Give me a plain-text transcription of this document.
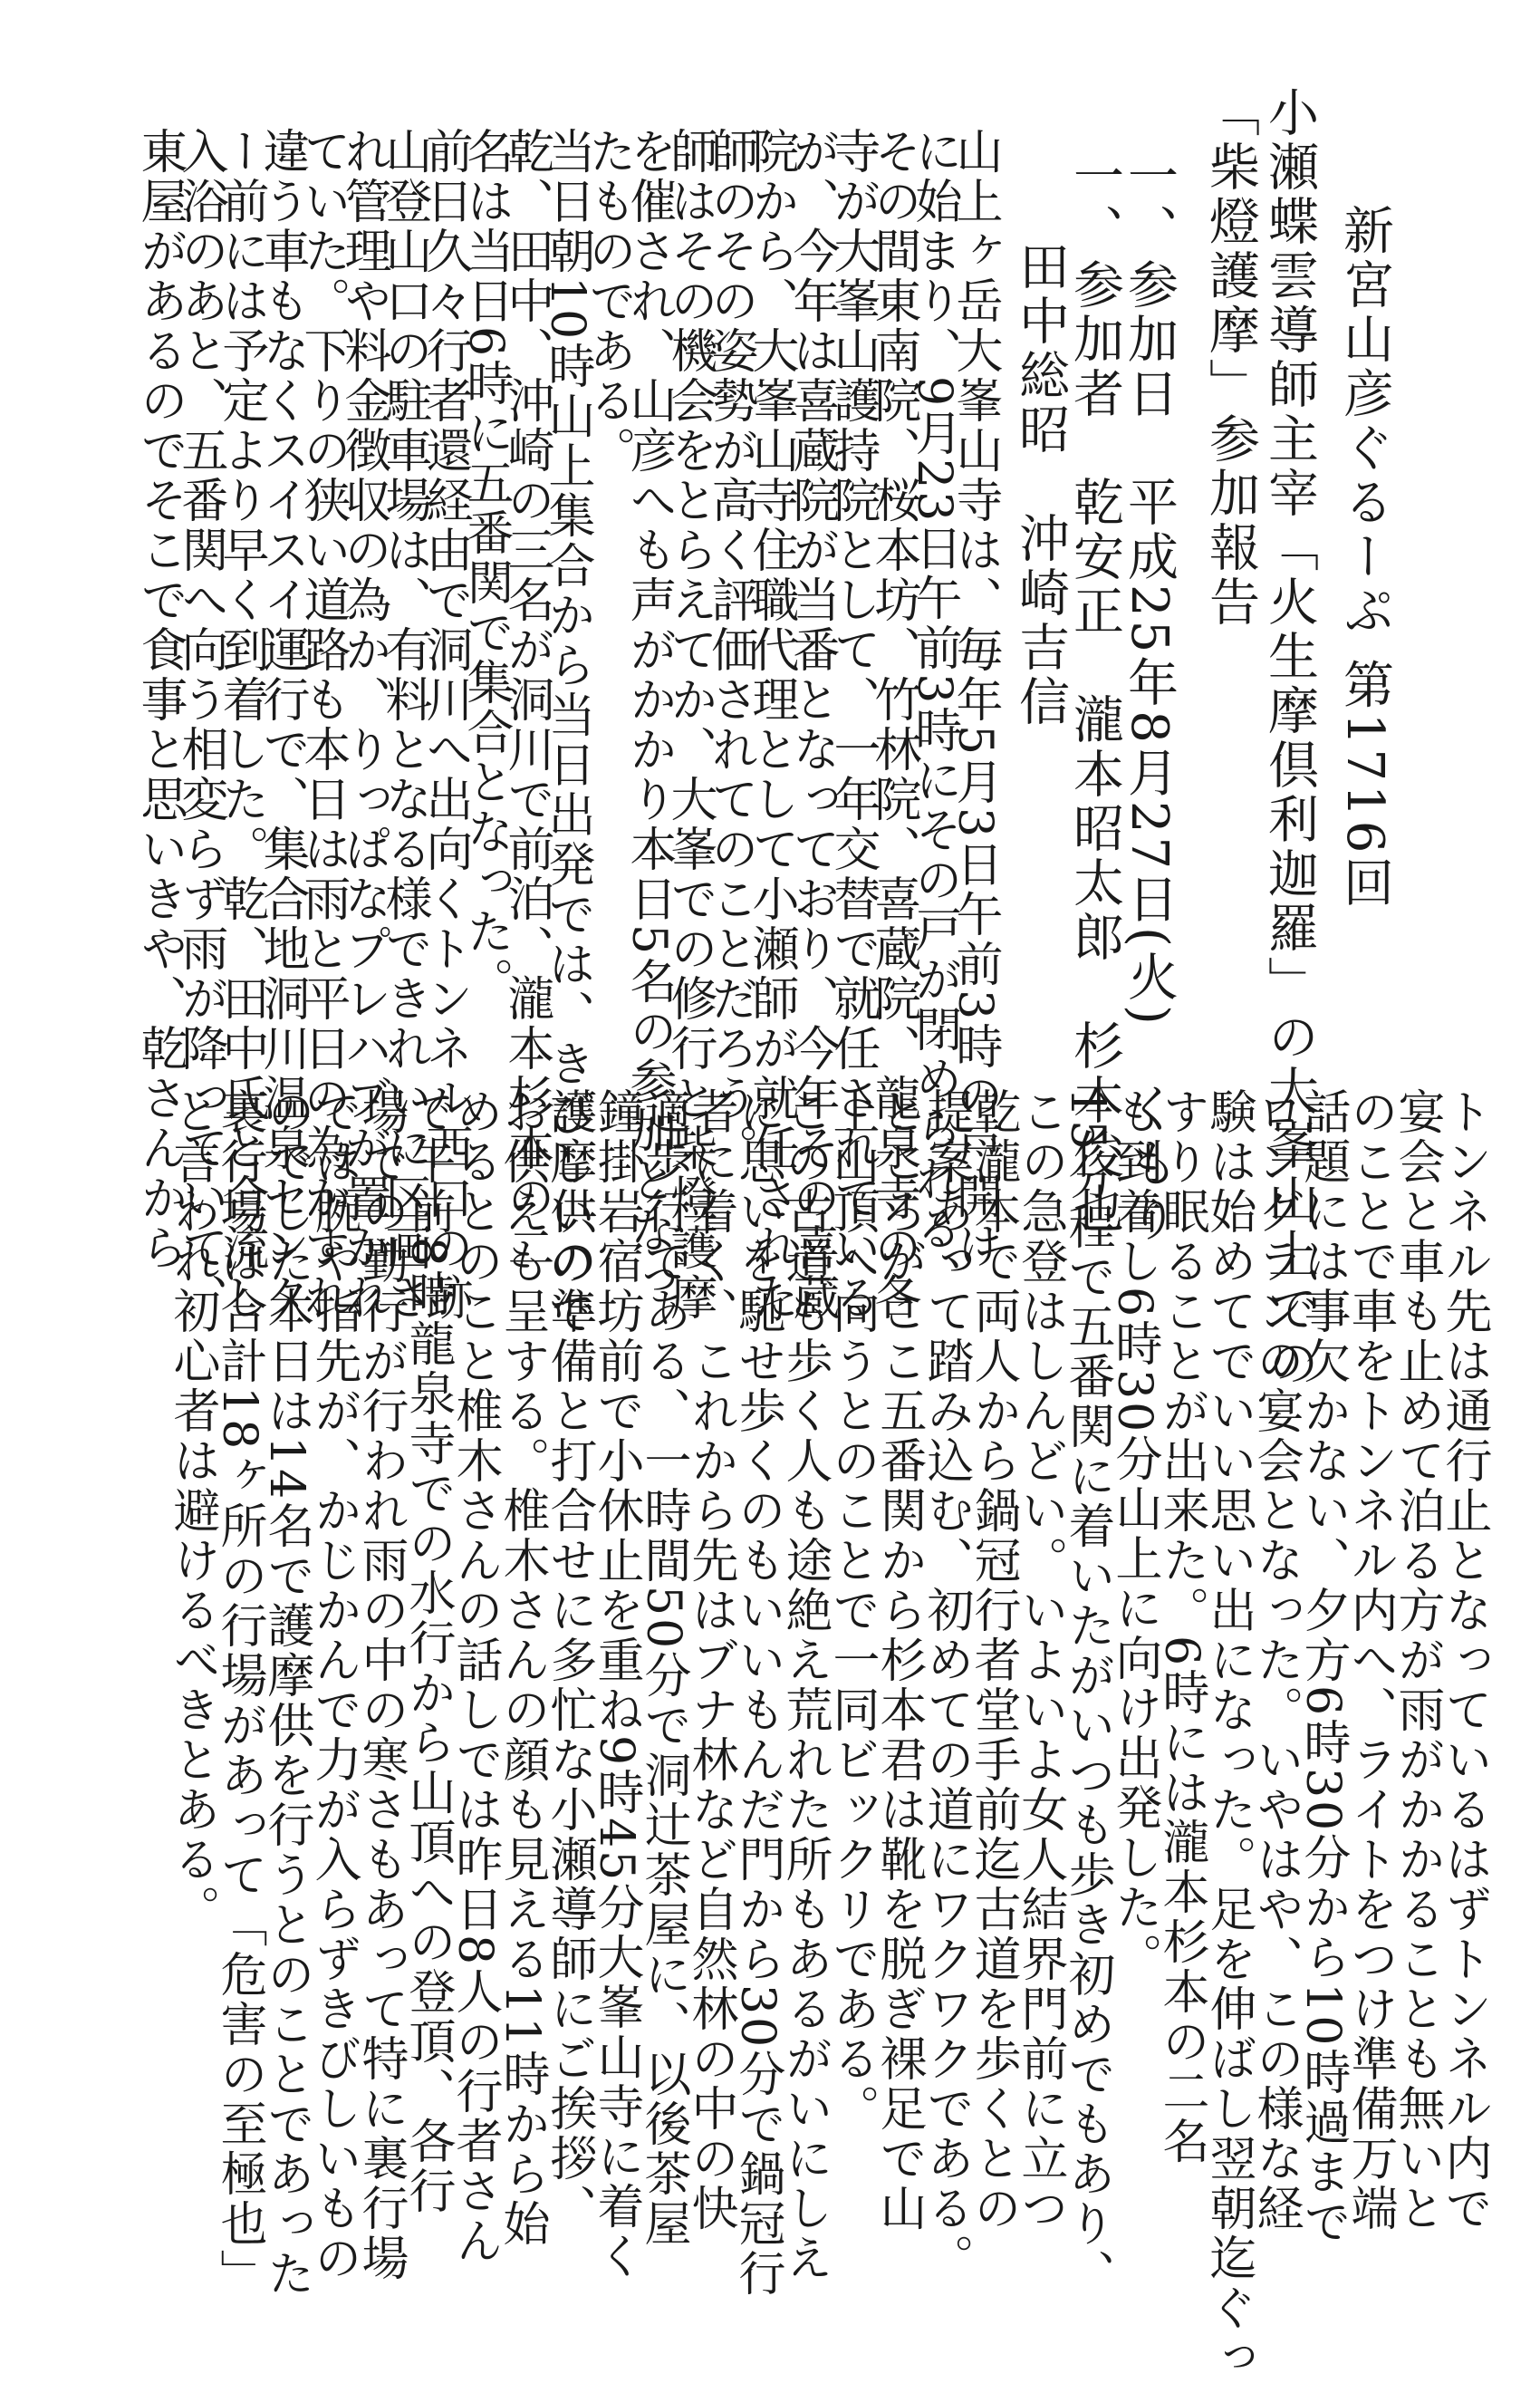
新宮山彦ぐるーぷ 第1716回
小瀬蝶雲導師主宰「火生摩倶利迦羅」の大峯山上での
「柴燈護摩」参加報告
一、参加日　平成25年8月27日(火)　くもり
一、参加者　乾安正　瀧本昭太郎　杉本俊也
田中総昭　沖崎吉信
山上ヶ岳大峯山寺は、毎年5月3日午前3時の戸開け
に始まり、9月23日午前3時にその戸が閉められる、
その間東南院、桜本坊、竹林院、喜蔵院、龍泉寺の各
寺が大峯山護持院として、一年交替で就任されている
が、今年は喜蔵院が当番となっており、今年その喜蔵
院から、大峯山寺住職代理として小瀬師が就任された
師のその姿勢が高く評価されてのことだろう。
師はその機会をとらえてか、大峯での修行と柴燈護摩
を催され、山彦へも声がかかり本日5名の参加となっ
たものである。
当日朝10時山上集合から当日出発では、きびしいので
乾、田中、沖崎の三名が洞川で前泊、瀧本杉本の二
名は当日6時に五番関で集合となった。
前日久々行者還経由で洞川へ出向くトンネル西口の跡
山登山口の駐車場は、有料となる様できれいに区画さ
れ管理や料金徴収の為か、りっぱなプレハブが置かれ
ていた。下りの狭い道路も本日は雨と平日の為かすれ
違う車もなくスイスイ運行で、集合地洞川温泉センタ
ー前には予定より早く到着した。乾、田中氏と合流し
入浴のあと、五番関へ向う相変らず雨が降っていて、
東屋があるのでそこで食事と思いきや、乾さんから
トンネル先は通行止となっているはずトンネル内で
宴会と車も止めて泊る方が雨がかかることも無いと
のことで車をトンネル内へ、ライトをつけ準備万端
話題には事欠かない、夕方6時30分から10時過まで
ロングランの宴会となった。いやはや、この様な経
験は始めてでいい思い出になった。足を伸ばし翌朝迄ぐっ
すり眠ることが出来た。6時には瀧本杉本の二名
も到着し6時30分山上に向け出発した。
15分程で五番関に着いたがいつも歩き初めでもあり、
この急登はしんどい。いよいよ女人結界門前に立つ
乾瀧本で両人から鍋冠行者堂手前迄古道を歩くとの
提案あって踏み込む、初めての道にワクワクである。
ところがここ五番関から杉本君は靴を脱ぎ裸足で山
上山頂へ向うとのことで一同ビックリである。
この古道も歩く人も途絶え荒れた所もあるがいにしえ
に思いを馳せ歩くのもいいもんだ門から30分で鍋冠行
者に着く、これから先はブナ林など自然林の中の快
適歩行である、一時間50分で洞辻茶屋に、以後茶屋
鐘掛岩宿坊前で小休止を重ね9時45分大峯山寺に着く
護摩供の準備と打合せに多忙な小瀬導師にご挨拶、
お供えも呈する。椎木さんの顔も見える11時から始
めるとのこと椎木さんの話しでは昨日8人の行者さん
で午前8時龍泉寺での水行から山頂への登頂、各行
場での勤行が行われ雨の中の寒さもあって特に裏行場
では腕や指先が、かじかんで力が入らずきびしいもの
のでした本日は14名で護摩供を行うとのことであった
裏行場は合計18ヶ所の行場があって「危害の至極也」
と言われ初心者は避けるべきとある。
